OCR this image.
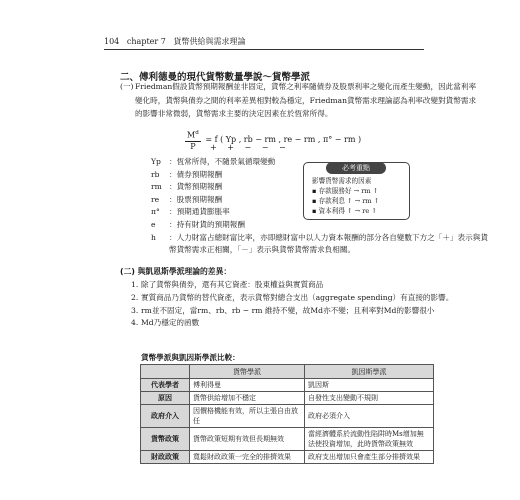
104 chapter 7 貨幣供給與需求理論
二、傅利德曼的現代貨幣數量學說～貨幣學派
(一) Friedman假設貨幣預期報酬並非固定，貨幣之利率隨債券及股票利率之變化而產生變動，因此當利率變化時，貨幣與債券之間的利率差異相對較為穩定，Friedman貨幣需求理論認為利率改變對貨幣需求的影響非常微弱，貨幣需求主要的決定因素在於恆常所得。
$\frac{M^d}{P} = f$ ( Yp , rb − rm , re − rm , π° − rm )
+ + − − −
Yp	：恆常所得，不隨景氣循環變動
rb	：債券預期報酬
rm ：貨幣預期報酬
re	：股票預期報酬
π°	：預期通貨膨脹率
e	：持有財貨的預期報酬
h	：人力財富占總財富比率，亦即總財富中以人力資本報酬的部分各自變數下方之「＋」表示與貨幣貨幣需求正相關，「－」表示與貨幣貨幣需求負相關。
必考重點
影響貨幣需求的因素
▪ 存款服務好 → rm ↑
▪ 存款利息 ↑ → rm ↑
▪ 資本利得 ↑ → re ↑
(二) 與凱恩斯學派理論的差異：
1. 除了貨幣與債券，還有其它資產：股東權益與實質商品
2. 實質商品乃貨幣的替代資產，表示貨幣對總合支出（aggregate spending）有直接的影響。
3. rm並不固定，當rm、rb、rb − rm 維持不變，故Md亦不變；且利率對Md的影響很小
4. Md乃穩定的函數
貨幣學派與凱因斯學派比較：
	貨幣學派	凱因斯學派
代表學者	傅利得曼	凱因斯
原因	貨幣供給增加不穩定	自發性支出變動不規則
政府介入	因價格機能有效，所以主張自由放任	政府必須介入
貨幣政策	貨幣政策短期有效但長期無效	當經濟體系於流動性陷阱時Ms增加無法使投資增加，此時貨幣政策無效
財政政策	寬鬆財政政策一完全的排擠效果	政府支出增加只會產生部分排擠效果
